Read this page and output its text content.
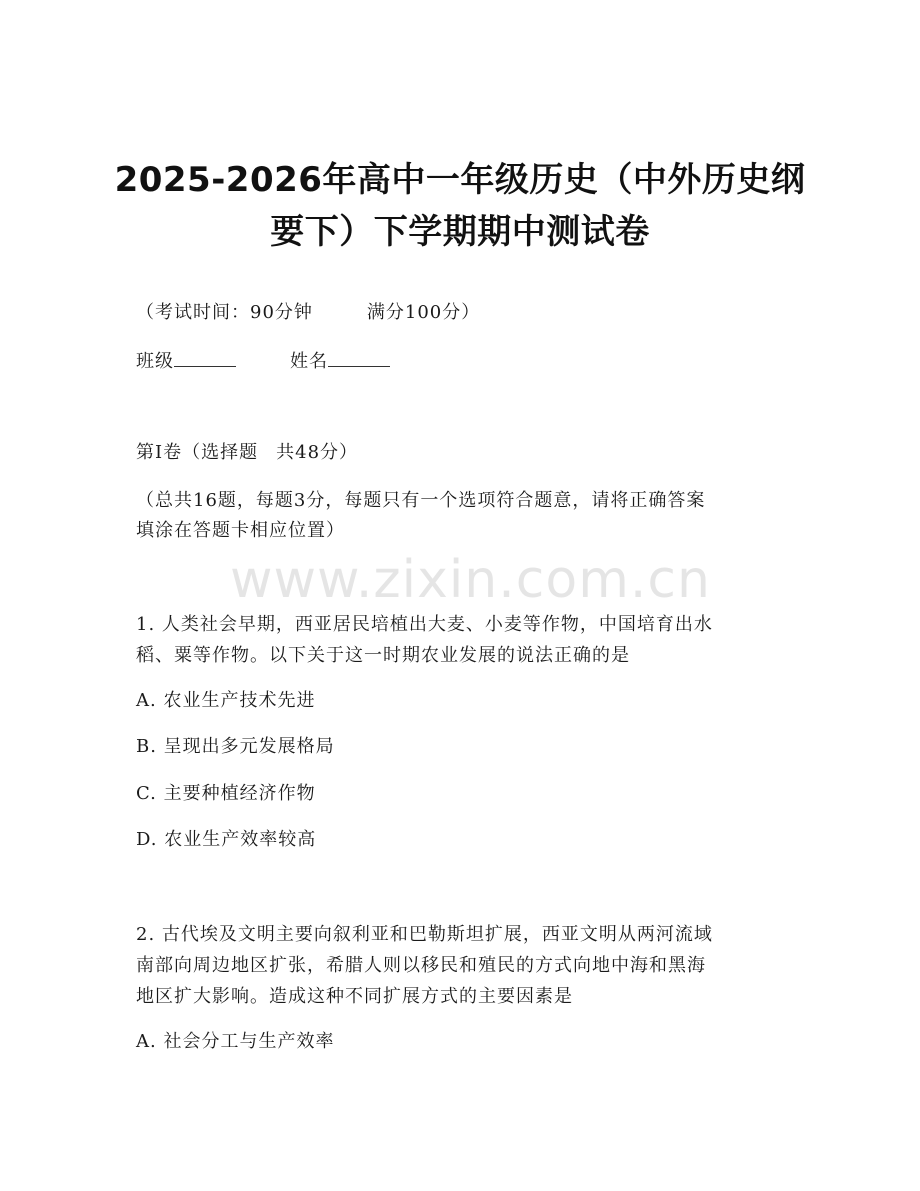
2025-2026年高中一年级历史（中外历史纲
要下）下学期期中测试卷
（考试时间：90分钟	满分100分）
班级	姓名
第Ⅰ卷（选择题 共48分）
（总共16题，每题3分，每题只有一个选项符合题意，请将正确答案
填涂在答题卡相应位置）
www.zixin.com.cn
1. 人类社会早期，西亚居民培植出大麦、小麦等作物，中国培育出水
稻、粟等作物。以下关于这一时期农业发展的说法正确的是
A. 农业生产技术先进
B. 呈现出多元发展格局
C. 主要种植经济作物
D. 农业生产效率较高
2. 古代埃及文明主要向叙利亚和巴勒斯坦扩展，西亚文明从两河流域
南部向周边地区扩张，希腊人则以移民和殖民的方式向地中海和黑海
地区扩大影响。造成这种不同扩展方式的主要因素是
A. 社会分工与生产效率
